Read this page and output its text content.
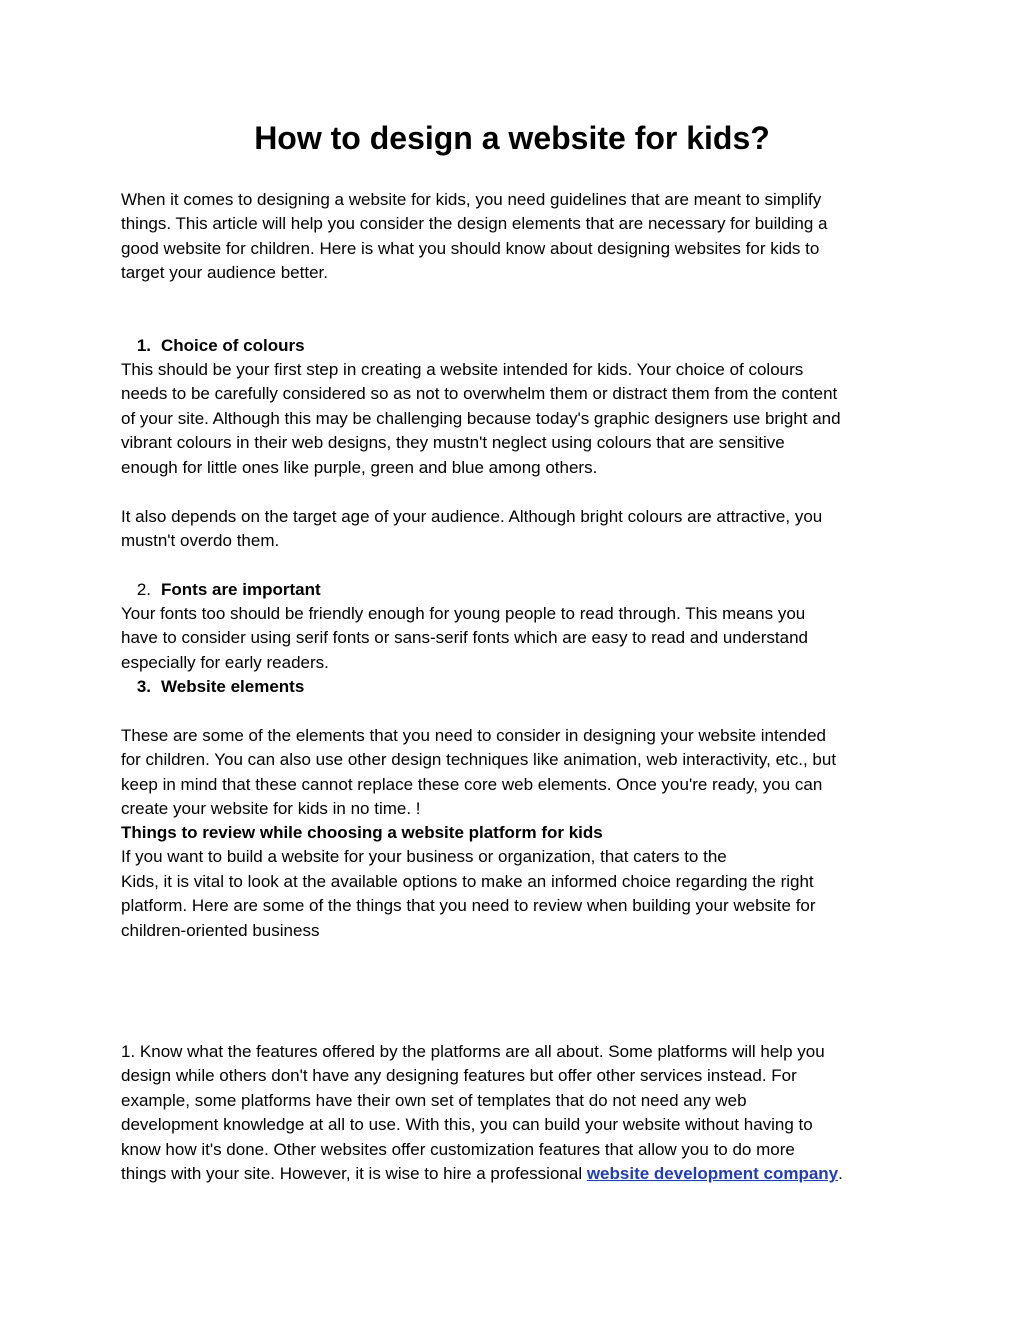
How to design a website for kids?
When it comes to designing a website for kids, you need guidelines that are meant to simplify
things. This article will help you consider the design elements that are necessary for building a
good website for children. Here is what you should know about designing websites for kids to
target your audience better.
1. Choice of colours
This should be your first step in creating a website intended for kids. Your choice of colours
needs to be carefully considered so as not to overwhelm them or distract them from the content
of your site. Although this may be challenging because today's graphic designers use bright and
vibrant colours in their web designs, they mustn't neglect using colours that are sensitive
enough for little ones like purple, green and blue among others.
It also depends on the target age of your audience. Although bright colours are attractive, you
mustn't overdo them.
2. Fonts are important
Your fonts too should be friendly enough for young people to read through. This means you
have to consider using serif fonts or sans-serif fonts which are easy to read and understand
especially for early readers.
3. Website elements
These are some of the elements that you need to consider in designing your website intended
for children. You can also use other design techniques like animation, web interactivity, etc., but
keep in mind that these cannot replace these core web elements. Once you're ready, you can
create your website for kids in no time. !
Things to review while choosing a website platform for kids
If you want to build a website for your business or organization, that caters to the
Kids, it is vital to look at the available options to make an informed choice regarding the right
platform. Here are some of the things that you need to review when building your website for
children-oriented business
1. Know what the features offered by the platforms are all about. Some platforms will help you
design while others don't have any designing features but offer other services instead. For
example, some platforms have their own set of templates that do not need any web
development knowledge at all to use. With this, you can build your website without having to
know how it's done. Other websites offer customization features that allow you to do more
things with your site. However, it is wise to hire a professional website development company.
